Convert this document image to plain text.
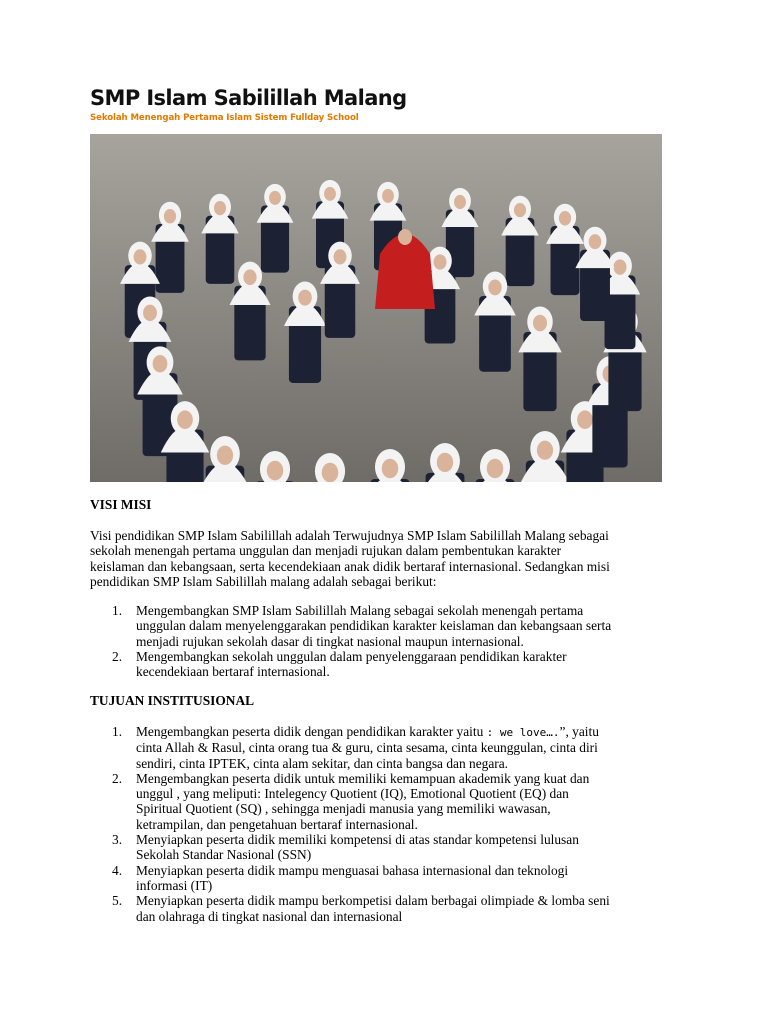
SMP Islam Sabilillah Malang
Sekolah Menengah Pertama Islam Sistem Fullday School
VISI MISI
Visi pendidikan SMP Islam Sabilillah adalah Terwujudnya SMP Islam Sabilillah Malang sebagai
sekolah menengah pertama unggulan dan menjadi rujukan dalam pembentukan karakter
keislaman dan kebangsaan, serta kecendekiaan anak didik bertaraf internasional. Sedangkan misi
pendidikan SMP Islam Sabilillah malang adalah sebagai berikut:
1. Mengembangkan SMP Islam Sabilillah Malang sebagai sekolah menengah pertama
unggulan dalam menyelenggarakan pendidikan karakter keislaman dan kebangsaan serta
menjadi rujukan sekolah dasar di tingkat nasional maupun internasional.
2. Mengembangkan sekolah unggulan dalam penyelenggaraan pendidikan karakter
kecendekiaan bertaraf internasional.
TUJUAN INSTITUSIONAL
1. Mengembangkan peserta didik dengan pendidikan karakter yaitu : we love….”, yaitu
cinta Allah & Rasul, cinta orang tua & guru, cinta sesama, cinta keunggulan, cinta diri
sendiri, cinta IPTEK, cinta alam sekitar, dan cinta bangsa dan negara.
2. Mengembangkan peserta didik untuk memiliki kemampuan akademik yang kuat dan
unggul , yang meliputi: Intelegency Quotient (IQ), Emotional Quotient (EQ) dan
Spiritual Quotient (SQ) , sehingga menjadi manusia yang memiliki wawasan,
ketrampilan, dan pengetahuan bertaraf internasional.
3. Menyiapkan peserta didik memiliki kompetensi di atas standar kompetensi lulusan
Sekolah Standar Nasional (SSN)
4. Menyiapkan peserta didik mampu menguasai bahasa internasional dan teknologi
informasi (IT)
5. Menyiapkan peserta didik mampu berkompetisi dalam berbagai olimpiade & lomba seni
dan olahraga di tingkat nasional dan internasional
